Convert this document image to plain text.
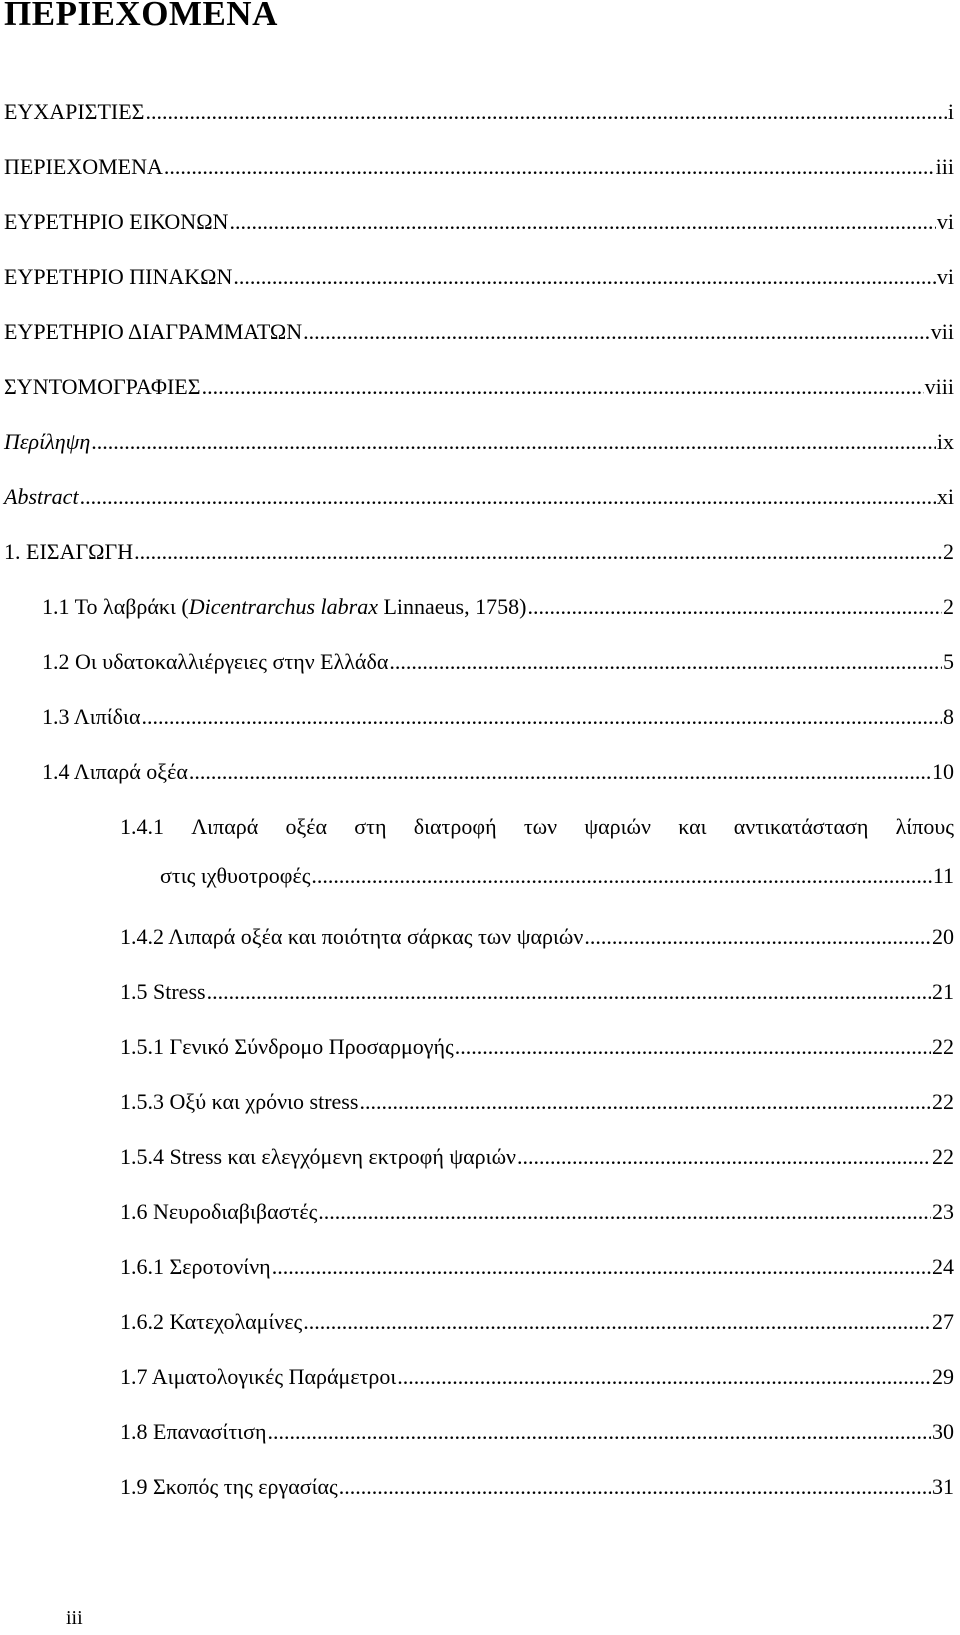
ΠΕΡΙΕΧΟΜΕΝΑ
ΕΥΧΑΡΙΣΤΙΕΣ .....	i
ΠΕΡΙΕΧΟΜΕΝΑ .....	iii
ΕΥΡΕΤΗΡΙΟ ΕΙΚΟΝΩΝ .....	vi
ΕΥΡΕΤΗΡΙΟ ΠΙΝΑΚΩΝ .....	vi
ΕΥΡΕΤΗΡΙΟ ΔΙΑΓΡΑΜΜΑΤΩΝ .....	vii
ΣΥΝΤΟΜΟΓΡΑΦΙΕΣ .....	viii
Περίληψη .....	ix
Abstract .....	xi
1. ΕΙΣΑΓΩΓΗ .....	2
1.1 Το λαβράκι (Dicentrarchus labrax Linnaeus, 1758) .....	2
1.2 Οι υδατοκαλλιέργειες στην Ελλάδα .....	5
1.3 Λιπίδια .....	8
1.4 Λιπαρά οξέα .....	10
1.4.1 Λιπαρά οξέα στη διατροφή των ψαριών και αντικατάσταση λίπους
στις ιχθυοτροφές .....	11
1.4.2 Λιπαρά οξέα και ποιότητα σάρκας των ψαριών .....	20
1.5 Stress .....	21
1.5.1 Γενικό Σύνδρομο Προσαρμογής .....	22
1.5.3 Οξύ και χρόνιο stress .....	22
1.5.4 Stress και ελεγχόμενη εκτροφή ψαριών .....	22
1.6 Νευροδιαβιβαστές .....	23
1.6.1 Σεροτονίνη .....	24
1.6.2 Κατεχολαμίνες .....	27
1.7 Αιματολογικές Παράμετροι .....	29
1.8 Επανασίτιση .....	30
1.9 Σκοπός της εργασίας .....	31
iii
